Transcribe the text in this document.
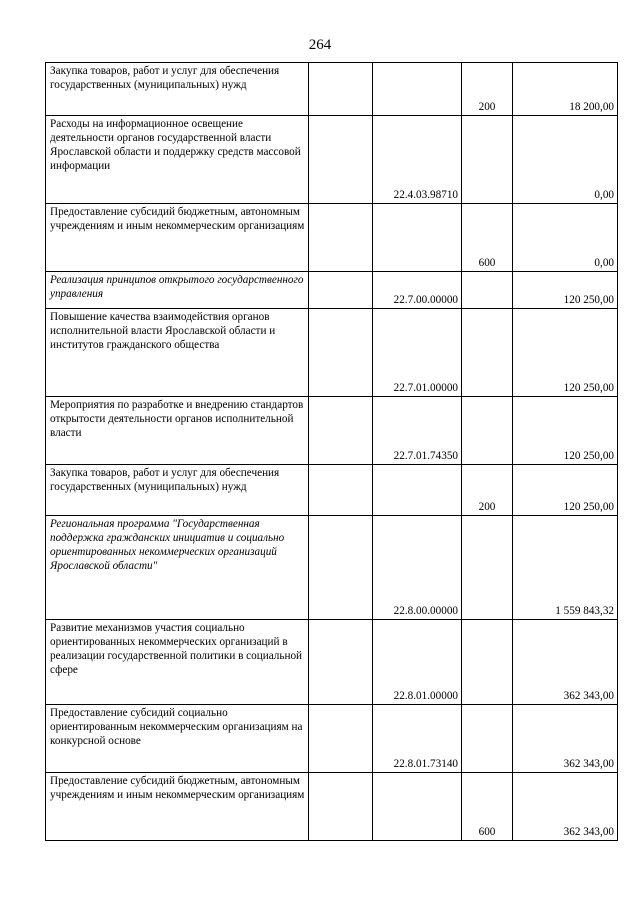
264
Закупка товаров, работ и услуг для обеспечения государственных (муниципальных) нужд			200	18 200,00
Расходы на информационное освещение деятельности органов государственной власти Ярославской области и поддержку средств массовой информации		22.4.03.98710		0,00
Предоставление субсидий бюджетным, автономным учреждениям и иным некоммерческим организациям			600	0,00
Реализация принципов открытого государственного управления		22.7.00.00000		120 250,00
Повышение качества взаимодействия органов исполнительной власти Ярославской области и институтов гражданского общества		22.7.01.00000		120 250,00
Мероприятия по разработке и внедрению стандартов открытости деятельности органов исполнительной власти		22.7.01.74350		120 250,00
Закупка товаров, работ и услуг для обеспечения государственных (муниципальных) нужд			200	120 250,00
Региональная программа "Государственная поддержка гражданских инициатив и социально ориентированных некоммерческих организаций Ярославской области"		22.8.00.00000		1 559 843,32
Развитие механизмов участия социально ориентированных некоммерческих организаций в реализации государственной политики в социальной сфере		22.8.01.00000		362 343,00
Предоставление субсидий социально ориентированным некоммерческим организациям на конкурсной основе		22.8.01.73140		362 343,00
Предоставление субсидий бюджетным, автономным учреждениям и иным некоммерческим организациям			600	362 343,00
